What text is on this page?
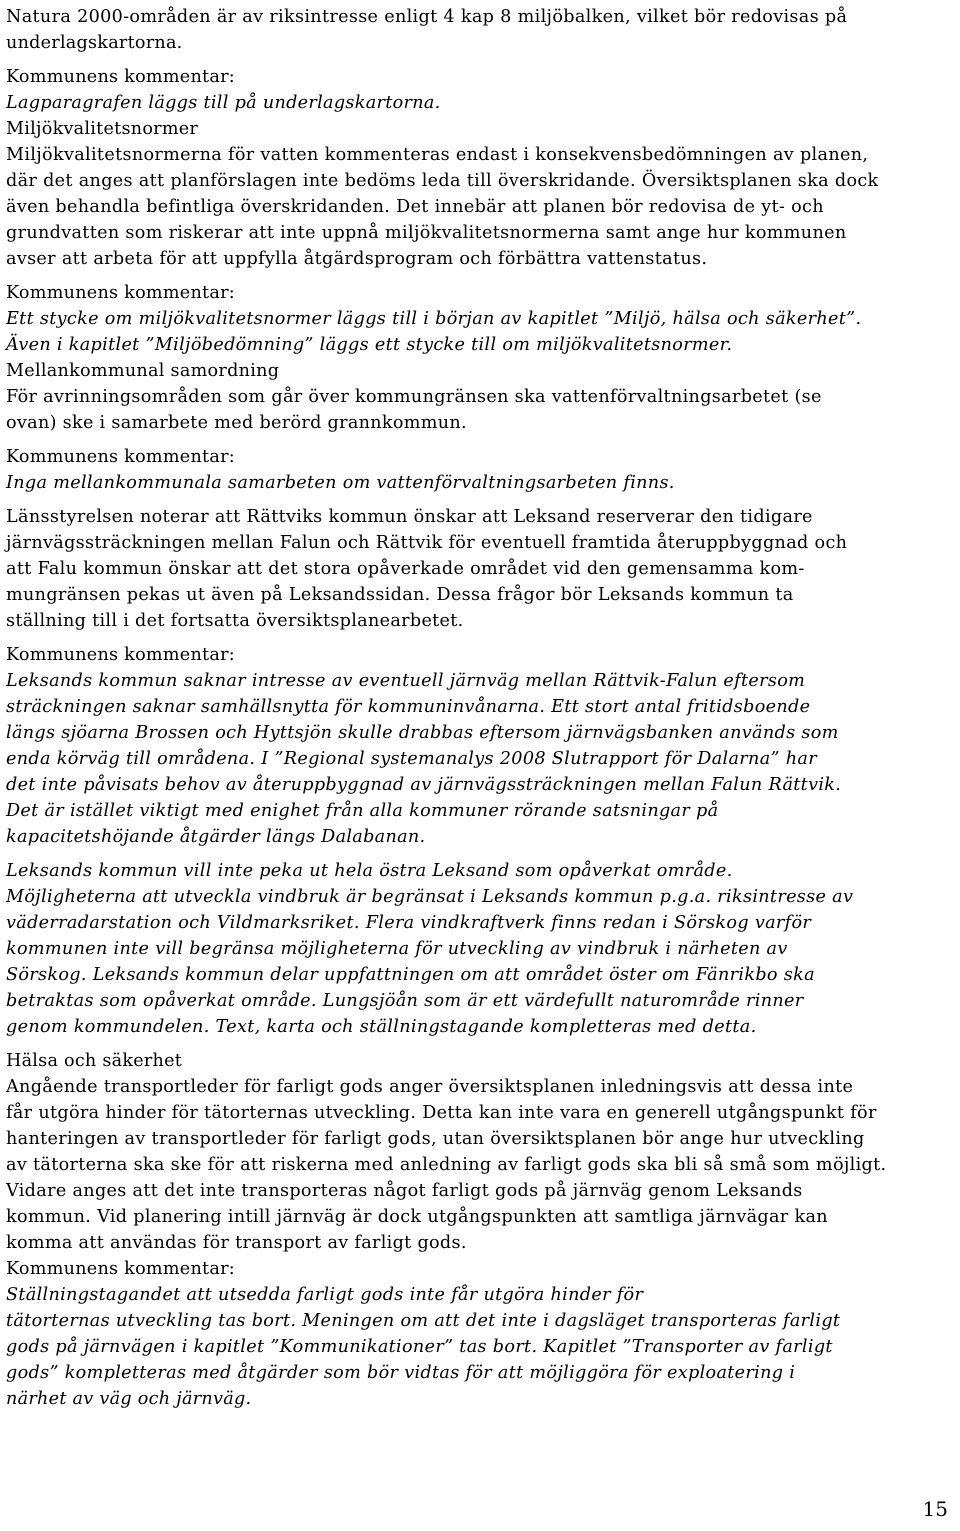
Natura 2000-områden är av riksintresse enligt 4 kap 8 miljöbalken, vilket bör redovisas på
underlagskartorna.
Kommunens kommentar:
Lagparagrafen läggs till på underlagskartorna.
Miljökvalitetsnormer
Miljökvalitetsnormerna för vatten kommenteras endast i konsekvensbedömningen av planen,
där det anges att planförslagen inte bedöms leda till överskridande. Översiktsplanen ska dock
även behandla befintliga överskridanden. Det innebär att planen bör redovisa de yt- och
grundvatten som riskerar att inte uppnå miljökvalitetsnormerna samt ange hur kommunen
avser att arbeta för att uppfylla åtgärdsprogram och förbättra vattenstatus.
Kommunens kommentar:
Ett stycke om miljökvalitetsnormer läggs till i början av kapitlet ”Miljö, hälsa och säkerhet”.
Även i kapitlet ”Miljöbedömning” läggs ett stycke till om miljökvalitetsnormer.
Mellankommunal samordning
För avrinningsområden som går över kommungränsen ska vattenförvaltningsarbetet (se
ovan) ske i samarbete med berörd grannkommun.
Kommunens kommentar:
Inga mellankommunala samarbeten om vattenförvaltningsarbeten finns.
Länsstyrelsen noterar att Rättviks kommun önskar att Leksand reserverar den tidigare
järnvägssträckningen mellan Falun och Rättvik för eventuell framtida återuppbyggnad och
att Falu kommun önskar att det stora opåverkade området vid den gemensamma kom-
mungränsen pekas ut även på Leksandssidan. Dessa frågor bör Leksands kommun ta
ställning till i det fortsatta översiktsplanearbetet.
Kommunens kommentar:
Leksands kommun saknar intresse av eventuell järnväg mellan Rättvik-Falun eftersom
sträckningen saknar samhällsnytta för kommuninvånarna. Ett stort antal fritidsboende
längs sjöarna Brossen och Hyttsjön skulle drabbas eftersom järnvägsbanken används som
enda körväg till områdena. I ”Regional systemanalys 2008 Slutrapport för Dalarna” har
det inte påvisats behov av återuppbyggnad av järnvägssträckningen mellan Falun Rättvik.
Det är istället viktigt med enighet från alla kommuner rörande satsningar på
kapacitetshöjande åtgärder längs Dalabanan.
Leksands kommun vill inte peka ut hela östra Leksand som opåverkat område.
Möjligheterna att utveckla vindbruk är begränsat i Leksands kommun p.g.a. riksintresse av
väderradarstation och Vildmarksriket. Flera vindkraftverk finns redan i Sörskog varför
kommunen inte vill begränsa möjligheterna för utveckling av vindbruk i närheten av
Sörskog. Leksands kommun delar uppfattningen om att området öster om Fänrikbo ska
betraktas som opåverkat område. Lungsjöån som är ett värdefullt naturområde rinner
genom kommundelen. Text, karta och ställningstagande kompletteras med detta.
Hälsa och säkerhet
Angående transportleder för farligt gods anger översiktsplanen inledningsvis att dessa inte
får utgöra hinder för tätorternas utveckling. Detta kan inte vara en generell utgångspunkt för
hanteringen av transportleder för farligt gods, utan översiktsplanen bör ange hur utveckling
av tätorterna ska ske för att riskerna med anledning av farligt gods ska bli så små som möjligt.
Vidare anges att det inte transporteras något farligt gods på järnväg genom Leksands
kommun. Vid planering intill järnväg är dock utgångspunkten att samtliga järnvägar kan
komma att användas för transport av farligt gods.
Kommunens kommentar:
Ställningstagandet att utsedda farligt gods inte får utgöra hinder för
tätorternas utveckling tas bort. Meningen om att det inte i dagsläget transporteras farligt
gods på järnvägen i kapitlet ”Kommunikationer” tas bort. Kapitlet ”Transporter av farligt
gods” kompletteras med åtgärder som bör vidtas för att möjliggöra för exploatering i
närhet av väg och järnväg.
15
